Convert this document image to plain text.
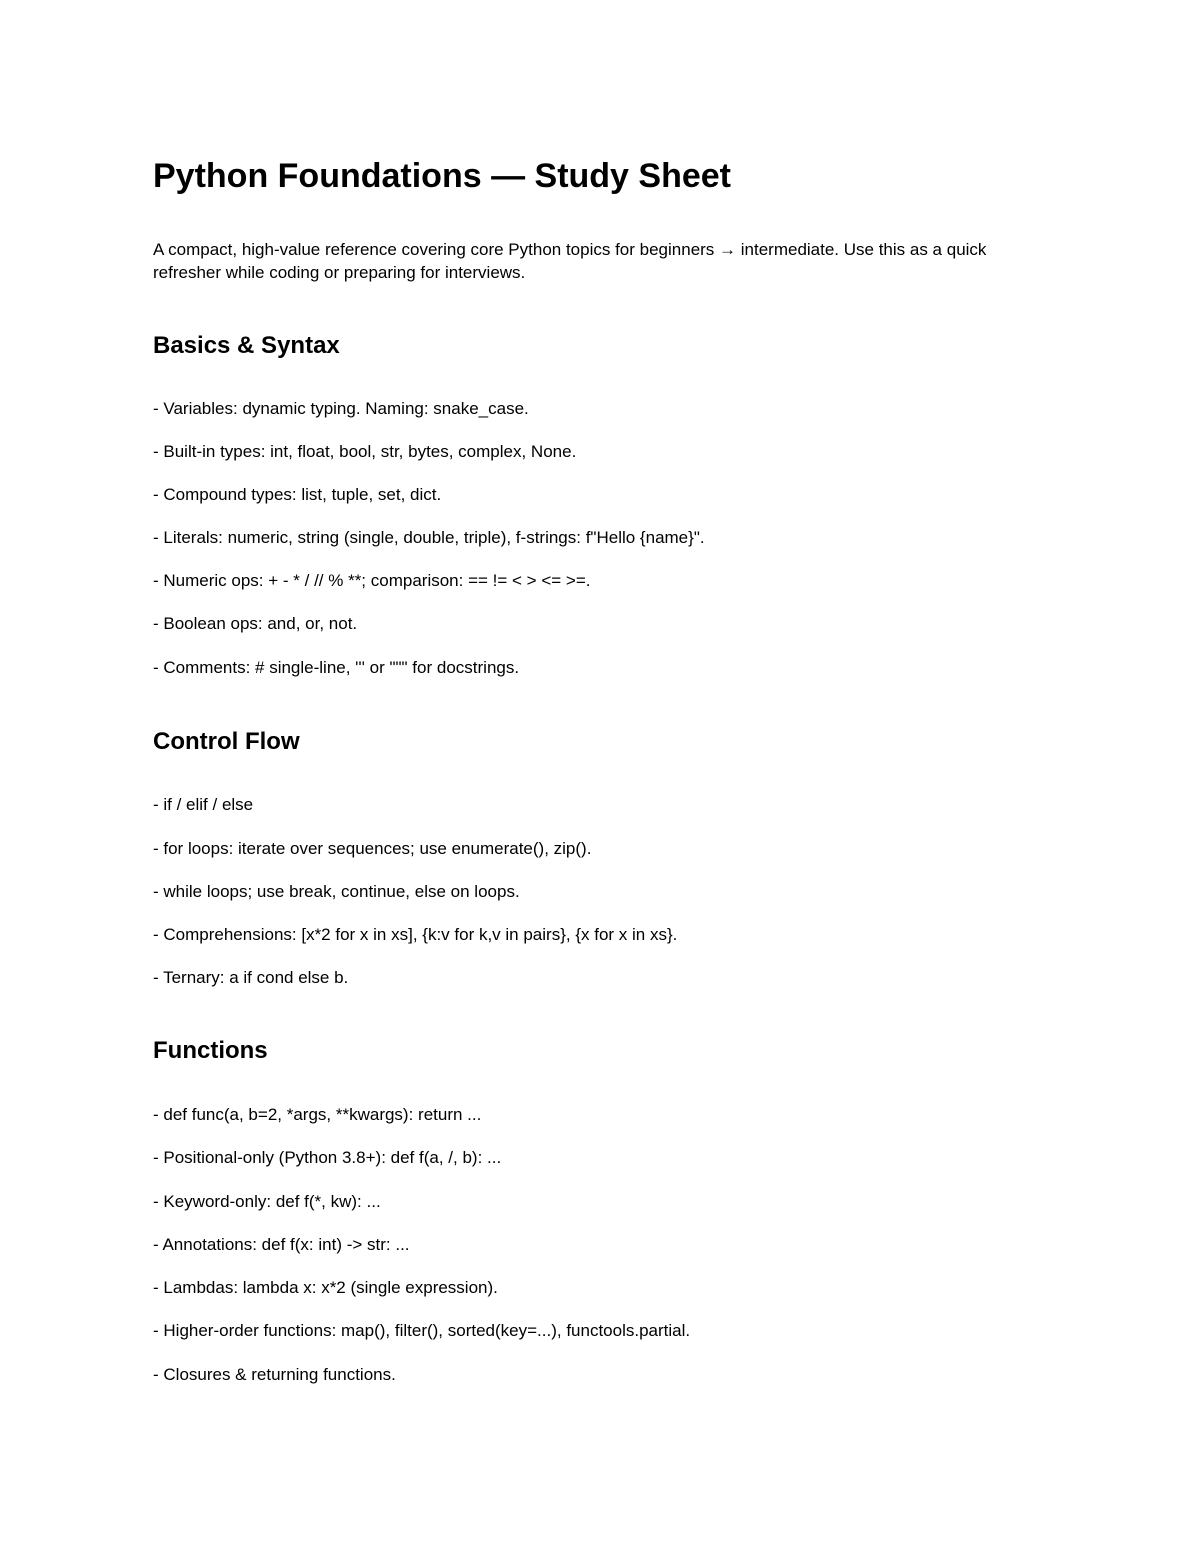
Python Foundations — Study Sheet

A compact, high-value reference covering core Python topics for beginners → intermediate. Use this as a quick refresher while coding or preparing for interviews.

Basics & Syntax

- Variables: dynamic typing. Naming: snake_case.

- Built-in types: int, float, bool, str, bytes, complex, None.

- Compound types: list, tuple, set, dict.

- Literals: numeric, string (single, double, triple), f-strings: f"Hello {name}".

- Numeric ops: + - * / // % **; comparison: == != < > <= >=.

- Boolean ops: and, or, not.

- Comments: # single-line, ''' or """ for docstrings.

Control Flow

- if / elif / else

- for loops: iterate over sequences; use enumerate(), zip().

- while loops; use break, continue, else on loops.

- Comprehensions: [x*2 for x in xs], {k:v for k,v in pairs}, {x for x in xs}.

- Ternary: a if cond else b.

Functions

- def func(a, b=2, *args, **kwargs): return ...

- Positional-only (Python 3.8+): def f(a, /, b): ...

- Keyword-only: def f(*, kw): ...

- Annotations: def f(x: int) -> str: ...

- Lambdas: lambda x: x*2 (single expression).

- Higher-order functions: map(), filter(), sorted(key=...), functools.partial.

- Closures & returning functions.
